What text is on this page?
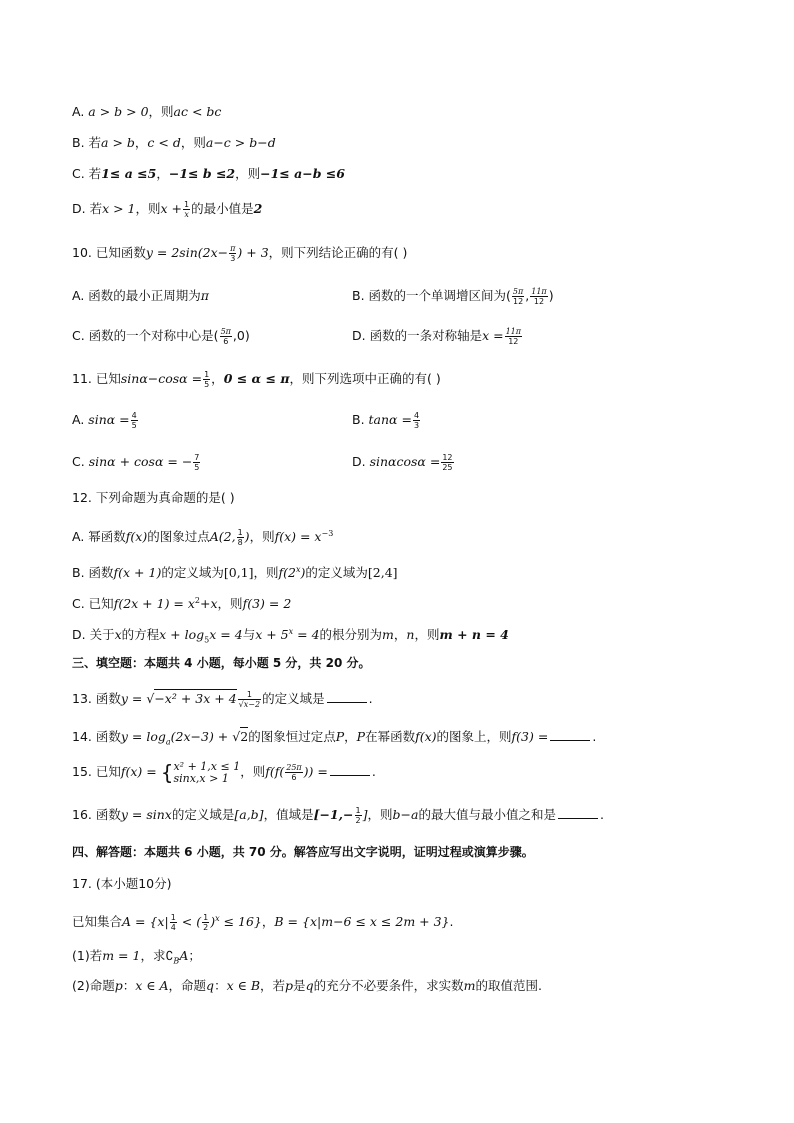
A. a > b > 0，则ac < bc
B. 若a > b，c < d，则a−c > b−d
C. 若1≤ a ≤5，−1≤ b ≤2，则−1≤ a−b ≤6
D. 若x > 1，则$x + \frac{1}{x}$ 的最小值是2
10. 已知函数$y = 2\sin(2x- \frac{\pi}{3}$ ) + 3，则下列结论正确的有( )
A. 函数的最小正周期为π	B. 函数的一个单调增区间为( $\frac{5\pi}{12}$ , $\frac{11\pi}{12}$ )
C. 函数的一个对称中心是( $\frac{5\pi}{6} ,0$)	D. 函数的一条对称轴是$x = \frac{11\pi}{12}$
11. 已知$\sin\alpha-\cos\alpha = \frac{1}{5}$ ，0 ≤ α ≤ π，则下列选项中正确的有( )
A. $\sin\alpha = \frac{4}{5}$	B. $\tan\alpha = \frac{4}{3}$
C. sinα + cosα = − $\frac{7}{5}$	D. $\sin\alpha\cos\alpha = \frac{12}{25}$
12. 下列命题为真命题的是( )
A. 幂函数f(x)的图象过点A(2, $\frac{1}{8}$ )，则$f(x) = x^{-3}$
B. 函数f(x + 1)的定义域为[0,1]，则f(2$^x$)的定义域为[2,4]
C. 已知$f(2x + 1) = x^2+x$，则f(3) = 2
D. 关于x的方程$x + \log_5x = 4$与$x + 5^x = 4$的根分别为m，n，则m + n = 4
三、填空题：本题共 4 小题，每小题 5 分，共 20 分。
13. 函数$y = √-x^2 + 3x + 4 \frac{1}{√x-2}$ 的定义域是	.
14. 函数$y = \log_a(2x-3) + √2$的图象恒过定点P，P在幂函数f(x)的图象上，则f(3) =	.
15. 已知f(x) = { x² + 1,x ≤ 1
sinx,x > 1 ，则$f(f( \frac{25\pi}{6}$ )) =	.
16. 函数y = sinx的定义域是[a,b]，值域是[$-1,- \frac{1}{2}$ ]，则b−a的最大值与最小值之和是	.
四、解答题：本题共 6 小题，共 70 分。解答应写出文字说明，证明过程或演算步骤。
17. (本小题10分)
已知集合$A = \{x| \frac{1}{4}$ < ( $\frac{1}{2} )^x \le 16$}，B = {x|m−6 ≤ x ≤ 2m + 3}.
(1)若m = 1，求$∁_BA$；
(2)命题p：x ∈ A，命题q：x ∈ B，若p是q的充分不必要条件，求实数m的取值范围.
